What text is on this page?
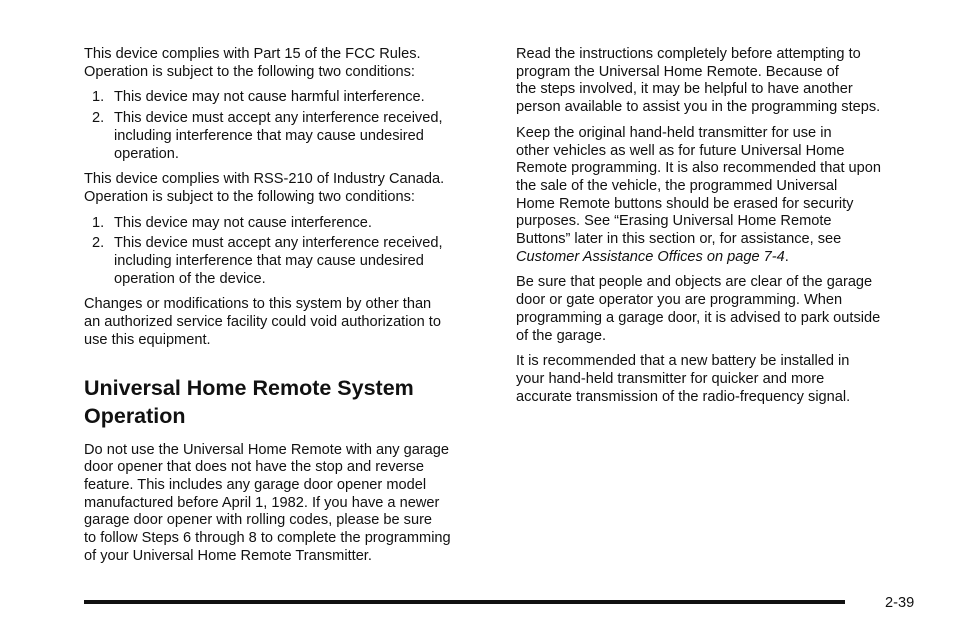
This device complies with Part 15 of the FCC Rules.
Operation is subject to the following two conditions:

1. This device may not cause harmful interference.
2. This device must accept any interference received,
including interference that may cause undesired
operation.

This device complies with RSS-210 of Industry Canada.
Operation is subject to the following two conditions:

1. This device may not cause interference.
2. This device must accept any interference received,
including interference that may cause undesired
operation of the device.

Changes or modifications to this system by other than
an authorized service facility could void authorization to
use this equipment.

Universal Home Remote System
Operation

Do not use the Universal Home Remote with any garage
door opener that does not have the stop and reverse
feature. This includes any garage door opener model
manufactured before April 1, 1982. If you have a newer
garage door opener with rolling codes, please be sure
to follow Steps 6 through 8 to complete the programming
of your Universal Home Remote Transmitter.

Read the instructions completely before attempting to
program the Universal Home Remote. Because of
the steps involved, it may be helpful to have another
person available to assist you in the programming steps.

Keep the original hand-held transmitter for use in
other vehicles as well as for future Universal Home
Remote programming. It is also recommended that upon
the sale of the vehicle, the programmed Universal
Home Remote buttons should be erased for security
purposes. See “Erasing Universal Home Remote
Buttons” later in this section or, for assistance, see
Customer Assistance Offices on page 7-4.

Be sure that people and objects are clear of the garage
door or gate operator you are programming. When
programming a garage door, it is advised to park outside
of the garage.

It is recommended that a new battery be installed in
your hand-held transmitter for quicker and more
accurate transmission of the radio-frequency signal.

2-39
